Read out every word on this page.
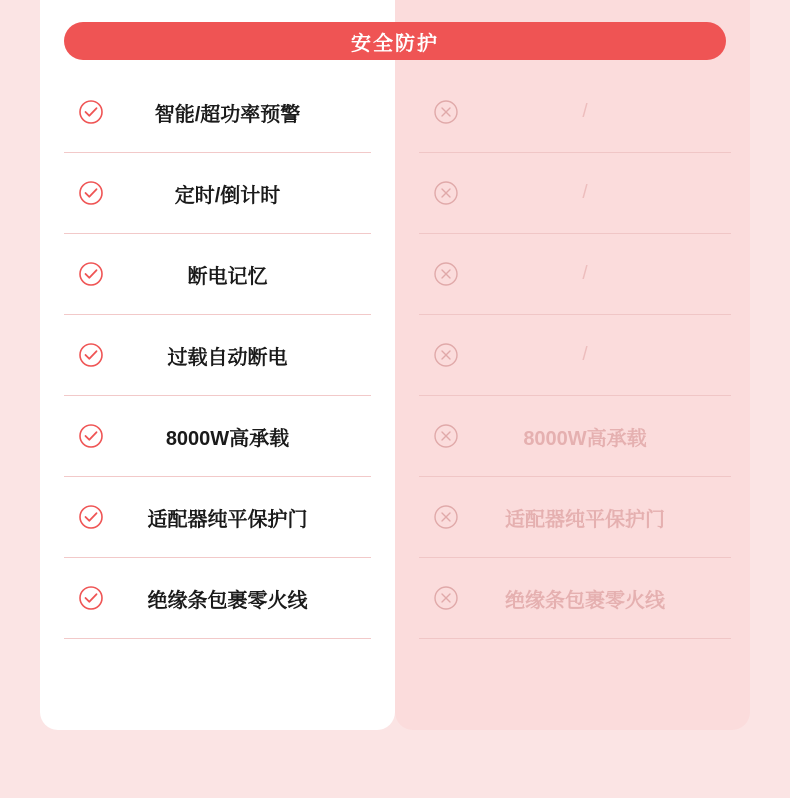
安全防护
智能/超功率预警
定时/倒计时
断电记忆
过载自动断电
8000W高承载
适配器纯平保护门
绝缘条包裹零火线
/
/
/
/
8000W高承载
适配器纯平保护门
绝缘条包裹零火线
